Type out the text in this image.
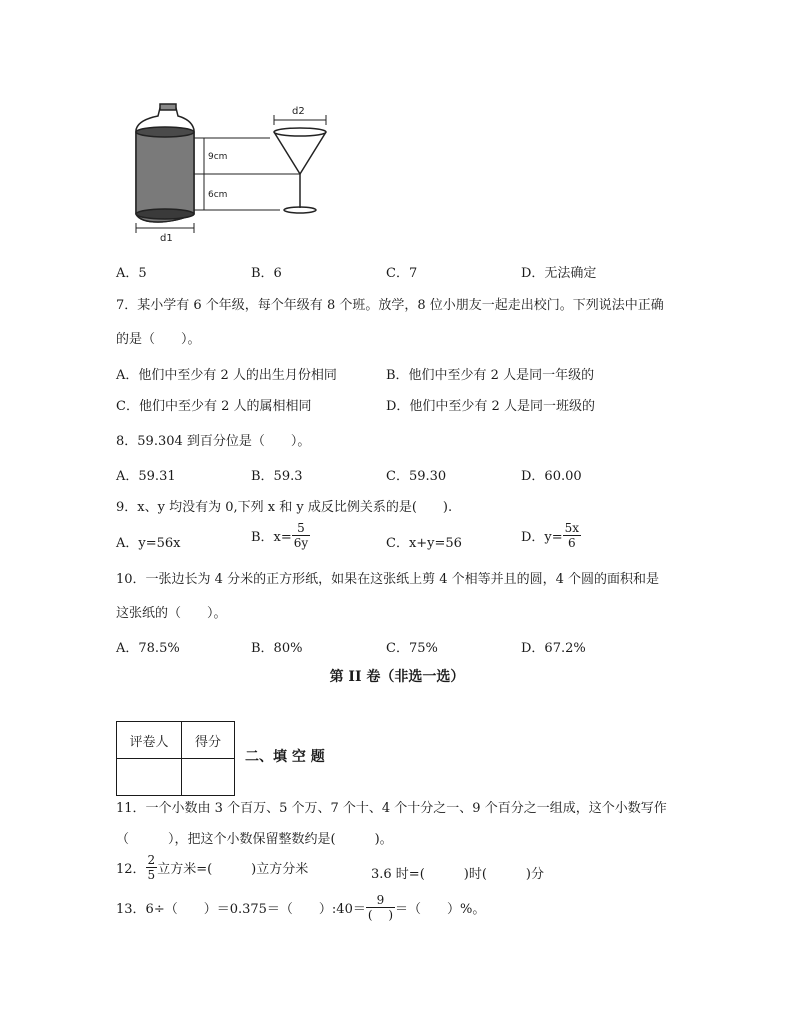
d1
9cm
6cm
d2
A．5	B．6	C．7	D．无法确定
7．某小学有 6 个年级，每个年级有 8 个班。放学，8 位小朋友一起走出校门。下列说法中正确
的是（　　）。
A．他们中至少有 2 人的出生月份相同	B．他们中至少有 2 人是同一年级的
C．他们中至少有 2 人的属相相同	D．他们中至少有 2 人是同一班级的
8．59.304 到百分位是（　　）。
A．59.31	B．59.3	C．59.30	D．60.00
9．x、y 均没有为 0,下列 x 和 y 成反比例关系的是(　　).
A．y=56x	B．$x= \frac{5}{6y}$	C．x+y=56	D．$y= \frac{5x}{6}$
10．一张边长为 4 分米的正方形纸，如果在这张纸上剪 4 个相等并且的圆，4 个圆的面积和是
这张纸的（　　）。
A．78.5%	B．80%	C．75%	D．67.2%
第 II 卷（非选一选）
评卷人	得分

二、填 空 题
11．一个小数由 3 个百万、5 个万、7 个十、4 个十分之一、9 个百分之一组成，这个小数写作
（　　　），把这个小数保留整数约是(　　　)。
12． $\frac{2}{5}$ 立方米=(　　　)立方分米	3.6 时=(　　　)时(　　　)分
13．6÷（　　）＝0.375＝（　　）:40＝ $\frac{9}{( )}$ ＝（　　）%。
